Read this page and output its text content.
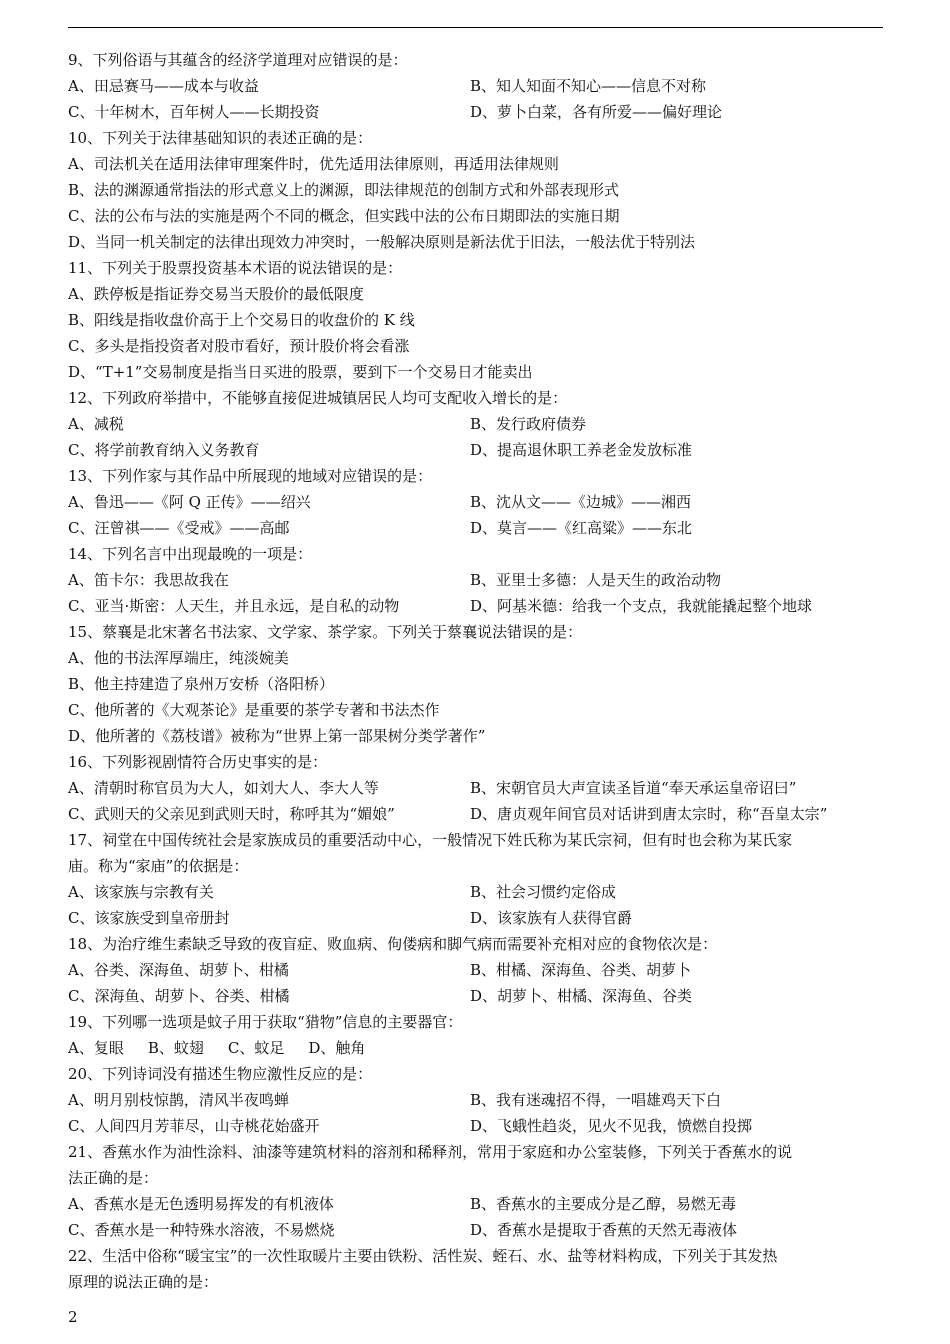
9、下列俗语与其蕴含的经济学道理对应错误的是：
A、田忌赛马——成本与收益	B、知人知面不知心——信息不对称
C、十年树木，百年树人——长期投资	D、萝卜白菜，各有所爱——偏好理论
10、下列关于法律基础知识的表述正确的是：
A、司法机关在适用法律审理案件时，优先适用法律原则，再适用法律规则
B、法的渊源通常指法的形式意义上的渊源，即法律规范的创制方式和外部表现形式
C、法的公布与法的实施是两个不同的概念，但实践中法的公布日期即法的实施日期
D、当同一机关制定的法律出现效力冲突时，一般解决原则是新法优于旧法，一般法优于特别法
11、下列关于股票投资基本术语的说法错误的是：
A、跌停板是指证券交易当天股价的最低限度
B、阳线是指收盘价高于上个交易日的收盘价的 K 线
C、多头是指投资者对股市看好，预计股价将会看涨
D、“T+1”交易制度是指当日买进的股票，要到下一个交易日才能卖出
12、下列政府举措中，不能够直接促进城镇居民人均可支配收入增长的是：
A、减税	B、发行政府债券
C、将学前教育纳入义务教育	D、提高退休职工养老金发放标准
13、下列作家与其作品中所展现的地域对应错误的是：
A、鲁迅——《阿 Q 正传》——绍兴	B、沈从文——《边城》——湘西
C、汪曾祺——《受戒》——高邮	D、莫言——《红高粱》——东北
14、下列名言中出现最晚的一项是：
A、笛卡尔：我思故我在	B、亚里士多德：人是天生的政治动物
C、亚当·斯密：人天生，并且永远，是自私的动物	D、阿基米德：给我一个支点，我就能撬起整个地球
15、蔡襄是北宋著名书法家、文学家、茶学家。下列关于蔡襄说法错误的是：
A、他的书法浑厚端庄，纯淡婉美
B、他主持建造了泉州万安桥（洛阳桥）
C、他所著的《大观茶论》是重要的茶学专著和书法杰作
D、他所著的《荔枝谱》被称为“世界上第一部果树分类学著作”
16、下列影视剧情符合历史事实的是：
A、清朝时称官员为大人，如刘大人、李大人等	B、宋朝官员大声宣读圣旨道“奉天承运皇帝诏曰”
C、武则天的父亲见到武则天时，称呼其为“媚娘”	D、唐贞观年间官员对话讲到唐太宗时，称“吾皇太宗”
17、祠堂在中国传统社会是家族成员的重要活动中心，一般情况下姓氏称为某氏宗祠，但有时也会称为某氏家
庙。称为“家庙”的依据是：
A、该家族与宗教有关	B、社会习惯约定俗成
C、该家族受到皇帝册封	D、该家族有人获得官爵
18、为治疗维生素缺乏导致的夜盲症、败血病、佝偻病和脚气病而需要补充相对应的食物依次是：
A、谷类、深海鱼、胡萝卜、柑橘	B、柑橘、深海鱼、谷类、胡萝卜
C、深海鱼、胡萝卜、谷类、柑橘	D、胡萝卜、柑橘、深海鱼、谷类
19、下列哪一选项是蚊子用于获取“猎物”信息的主要器官：
A、复眼 B、蚊翅 C、蚊足 D、触角
20、下列诗词没有描述生物应激性反应的是：
A、明月别枝惊鹊，清风半夜鸣蝉	B、我有迷魂招不得，一唱雄鸡天下白
C、人间四月芳菲尽，山寺桃花始盛开	D、飞蛾性趋炎，见火不见我，愤燃自投掷
21、香蕉水作为油性涂料、油漆等建筑材料的溶剂和稀释剂，常用于家庭和办公室装修，下列关于香蕉水的说
法正确的是：
A、香蕉水是无色透明易挥发的有机液体	B、香蕉水的主要成分是乙醇，易燃无毒
C、香蕉水是一种特殊水溶液，不易燃烧	D、香蕉水是提取于香蕉的天然无毒液体
22、生活中俗称“暖宝宝”的一次性取暖片主要由铁粉、活性炭、蛭石、水、盐等材料构成，下列关于其发热
原理的说法正确的是：
2
